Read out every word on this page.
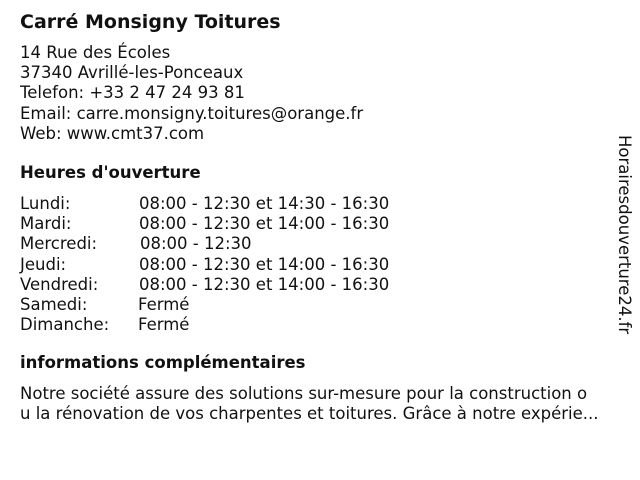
Carré Monsigny Toitures
14 Rue des Écoles
37340 Avrillé-les-Ponceaux
Telefon: +33 2 47 24 93 81
Email: carre.monsigny.toitures@orange.fr
Web: www.cmt37.com
Heures d'ouverture
Lundi:	08:00 - 12:30 et 14:30 - 16:30
Mardi:	08:00 - 12:30 et 14:00 - 16:30
Mercredi:	08:00 - 12:30
Jeudi:	08:00 - 12:30 et 14:00 - 16:30
Vendredi: 08:00 - 12:30 et 14:00 - 16:30
Samedi:	Fermé
Dimanche: Fermé
informations complémentaires
Notre société assure des solutions sur-mesure pour la construction o
u la rénovation de vos charpentes et toitures. Grâce à notre expérie...
Horairesdouverture24.fr
